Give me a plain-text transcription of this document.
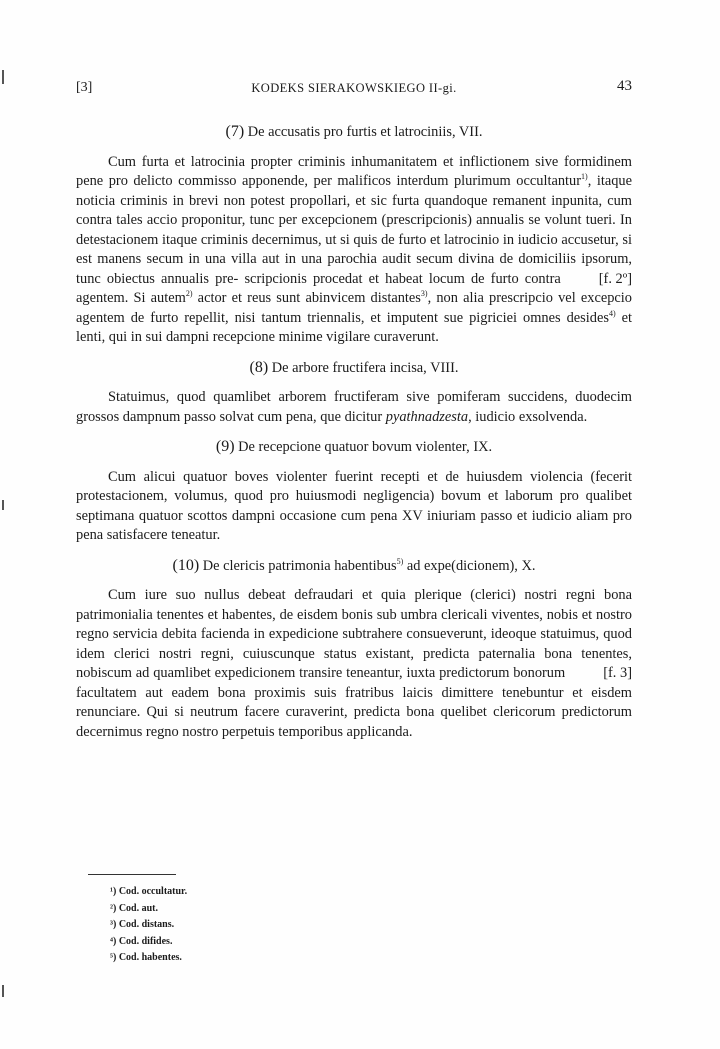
[3]	KODEKS SIERAKOWSKIEGO II-gi.	43
(7) De accusatis pro furtis et latrociniis, VII.

Cum furta et latrocinia propter criminis inhumanitatem et inflictionem sive formidinem pene pro delicto commisso apponende, per malificos interdum plurimum occultantur$^{1)}$, itaque noticia criminis in brevi non potest propollari, et sic furta quandoque remanent inpunita, cum contra tales accio proponitur, tunc per excepcionem (prescripcionis) annualis se volunt tueri. In detestacionem itaque criminis decernimus, ut si quis de furto et latrocinio in iudicio accusetur, si est manens secum in una villa aut in una parochia audit secum divina de domiciliis ipsorum, tunc obiectus annualis pre-	[f. 2º]
scripcionis procedat et habeat locum de furto contra agentem. Si autem$^{2)}$ actor et reus sunt abinvicem distantes$^{3)}$, non alia prescripcio vel excepcio agentem de furto repellit, nisi tantum triennalis, et imputent sue pigriciei omnes desides$^{4)}$ et lenti, qui in sui dampni recepcione minime vigilare curaverunt.

(8) De arbore fructifera incisa, VIII.

Statuimus, quod quamlibet arborem fructiferam sive pomiferam succidens, duodecim grossos dampnum passo solvat cum pena, que dicitur pyathnadzesta, iudicio exsolvenda.

(9) De recepcione quatuor bovum violenter, IX.

Cum alicui quatuor boves violenter fuerint recepti et de huiusdem violencia (fecerit protestacionem, volumus, quod pro huiusmodi negligencia) bovum et laborum pro qualibet septimana quatuor scottos dampni occasione cum pena XV iniuriam passo et iudicio aliam pro pena satisfacere teneatur.

(10) De clericis patrimonia habentibus$^{5)}$ ad expe(dicionem), X.

Cum iure suo nullus debeat defraudari et quia plerique (clerici) nostri regni bona patrimonialia tenentes et habentes, de eisdem bonis sub umbra clericali viventes, nobis et nostro regno servicia debita facienda in expedicione subtrahere consueverunt, ideoque statuimus, quod idem clerici nostri regni, cuiuscunque status existant, predicta paternalia bona tenentes, nobiscum ad quamlibet expedicionem transire teneantur, iuxta predictorum	[f. 3]
bonorum facultatem aut eadem bona proximis suis fratribus laicis dimittere tenebuntur et eisdem renunciare. Qui si neutrum facere curaverint, predicta bona quelibet clericorum predictorum decernimus regno nostro perpetuis temporibus applicanda.

¹) Cod. occultatur.
²) Cod. aut.
³) Cod. distans.
⁴) Cod. difides.
⁵) Cod. habentes.
